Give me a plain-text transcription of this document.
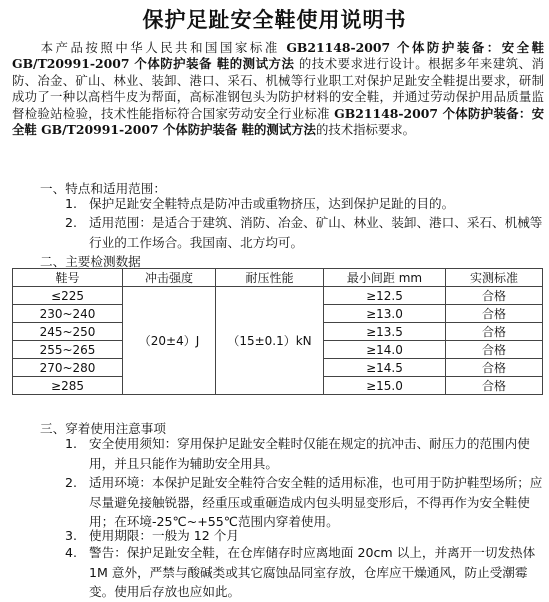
保护足趾安全鞋使用说明书
本产品按照中华人民共和国国家标准 GB21148-2007 个体防护装备：安全鞋 GB/T20991-2007 个体防护装备 鞋的测试方法 的技术要求进行设计。根据多年来建筑、消防、冶金、矿山、林业、装卸、港口、采石、机械等行业职工对保护足趾安全鞋提出要求，研制成功了一种以高档牛皮为帮面，高标准钢包头为防护材料的安全鞋，并通过劳动保护用品质量监督检验站检验，技术性能指标符合国家劳动安全行业标准 GB21148-2007 个体防护装备：安全鞋 GB/T20991-2007 个体防护装备 鞋的测试方法的技术指标要求。
一、特点和适用范围：
1. 保护足趾安全鞋特点是防冲击或重物挤压，达到保护足趾的目的。
2. 适用范围：是适合于建筑、消防、冶金、矿山、林业、装卸、港口、采石、机械等行业的工作场合。我国南、北方均可。
二、主要检测数据
鞋号	冲击强度	耐压性能	最小间距 mm	实测标准
≤225	（20±4）J	（15±0.1）kN	≥12.5	合格
230~240			≥13.0	合格
245~250			≥13.5	合格
255~265			≥14.0	合格
270~280			≥14.5	合格
≥285			≥15.0	合格
三、穿着使用注意事项
1. 安全使用须知：穿用保护足趾安全鞋时仅能在规定的抗冲击、耐压力的范围内使用，并且只能作为辅助安全用具。
2. 适用环境：本保护足趾安全鞋符合安全鞋的适用标准，也可用于防护鞋型场所；应尽量避免接触锐器，经重压或重砸造成内包头明显变形后，不得再作为安全鞋使用；在环境-25℃~+55℃范围内穿着使用。
3. 使用期限：一般为 12 个月
4. 警告：保护足趾安全鞋，在仓库储存时应离地面 20cm 以上，并离开一切发热体 1M 意外，严禁与酸碱类或其它腐蚀品同室存放，仓库应干燥通风，防止受潮霉变。使用后存放也应如此。
